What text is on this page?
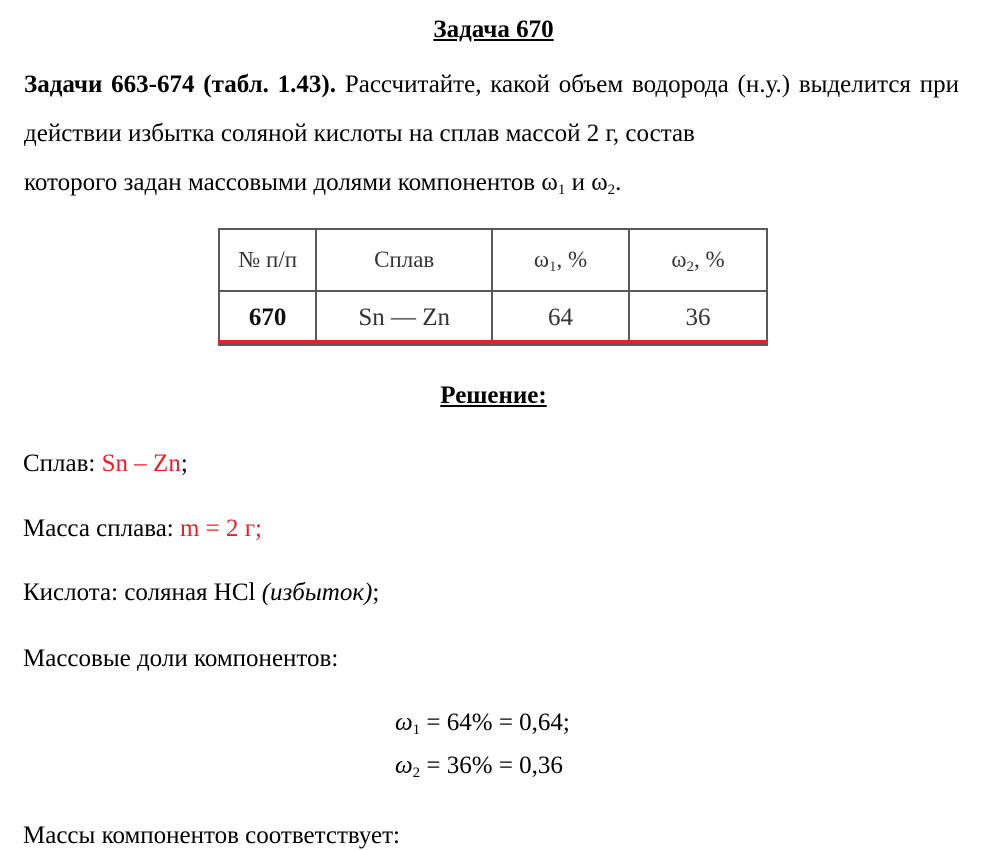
Задача 670
Задачи 663-674 (табл. 1.43). Рассчитайте, какой объем водорода (н.у.) выделится при действии избытка соляной кислоты на сплав массой 2 г, состав
которого задан массовыми долями компонентов $\omega_1$ и $\omega_2$.
№ п/п	Сплав	$\omega_1$, %	$\omega_2$, %
670	Sn — Zn	64	36
Решение:
Сплав: Sn – Zn;
Масса сплава: m = 2 г;
Кислота: соляная HCl (избыток);
Массовые доли компонентов:
$\omega_1 = 64\% = 0,64$;
$\omega_2 = 36\% = 0,36$
Массы компонентов соответствует:
